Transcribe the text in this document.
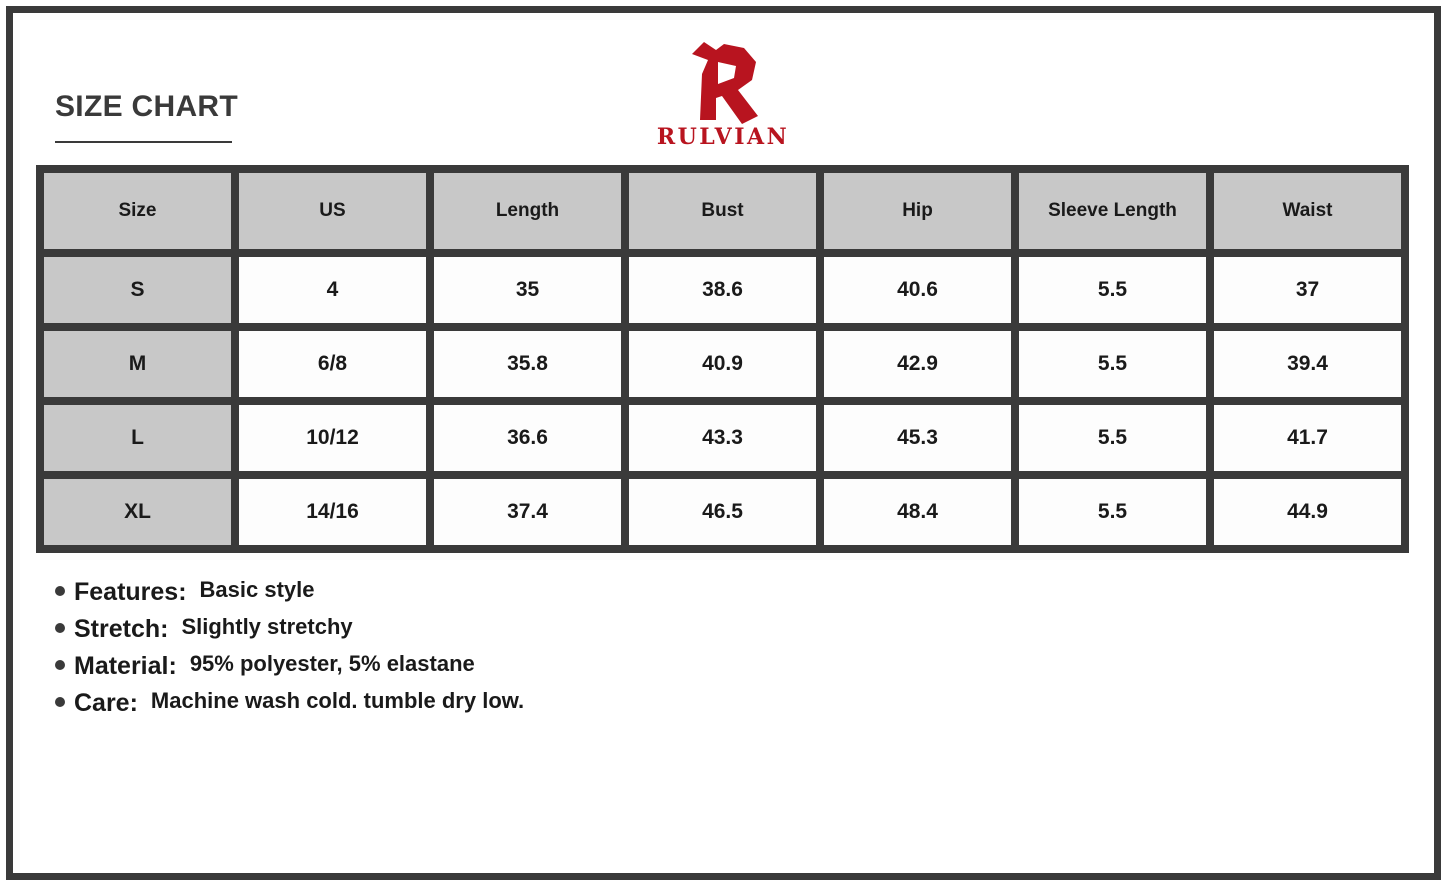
SIZE CHART
RULVIAN
Size	US	Length	Bust	Hip	Sleeve Length	Waist
S	4	35	38.6	40.6	5.5	37
M	6/8	35.8	40.9	42.9	5.5	39.4
L	10/12	36.6	43.3	45.3	5.5	41.7
XL	14/16	37.4	46.5	48.4	5.5	44.9
Features: Basic style
Stretch: Slightly stretchy
Material: 95% polyester, 5% elastane
Care: Machine wash cold. tumble dry low.
